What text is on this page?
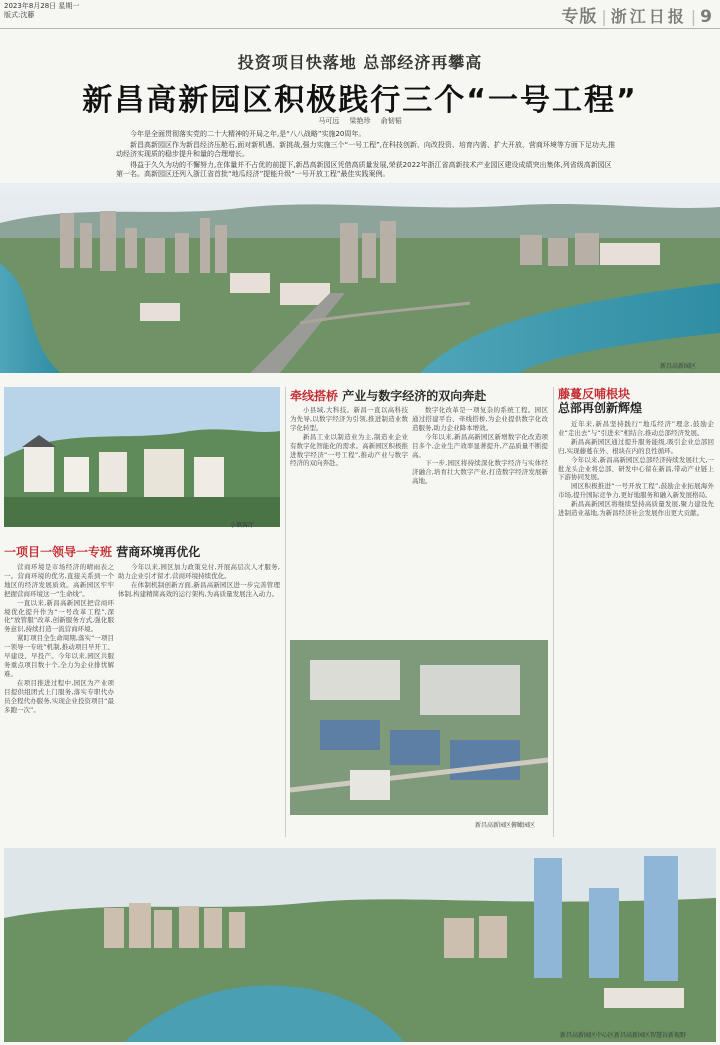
2023年8月28日 星期一
版式:沈藤	专版 | 浙江日报 | 9
投资项目快落地 总部经济再攀高
新昌高新园区积极践行三个“一号工程”
马可远 梁艳珍 俞韧韬

今年是全面贯彻落实党的二十大精神的开局之年,是“八八战略”实施20周年。

新昌高新园区作为新昌经济压舱石,面对新机遇、新挑战,强力实施三个“一号工程”,在科技创新、向改投资、培育内需、扩大开放、营商环境等方面下足功夫,推动经济实现质的稳步提升和量的合理增长。

得益于久久为功的不懈努力,在体量并不占优的前提下,新昌高新园区凭借高质量发展,荣获2022年浙江省高新技术产业园区建设成绩突出集体,列省级高新园区第一名。高新园区还列入浙江省首批“地瓜经济”提能升级“一号开放工程”最佳实践案例。

新昌高新园区
小镇客厅
一项目一领导一专班 营商环境再优化

营商环境是市场经济的晴雨表之一。营商环境的优劣,直接关系到一个地区的经济发展质效。高新园区牢牢把握营商环境这一“生命线”。

一直以来,新昌高新园区把营商环境优化提升作为“一号改革工程”,深化“放管服”改革,创新服务方式,强化服务意识,持续打造一流营商环境。

紧盯项目全生命周期,落实“一项目一领导一专班”机制,推动项目早开工、早建设、早投产。今年以来,园区共服务重点项目数十个,全力为企业排忧解难。

在项目推进过程中,园区为产业项目提供组团式上门服务,落实专职代办员全程代办服务,实现企业投资项目“最多跑一次”。

今年以来,园区加力政策兑付,开展高层次人才服务,助力企业引才留才,营商环境持续优化。

在体制机制创新方面,新昌高新园区进一步完善管理体制,构建精简高效的运行架构,为高质量发展注入动力。

牵线搭桥 产业与数字经济的双向奔赴

小县域,大科技。新昌一直以高科技为先导,以数字经济为引领,推进制造业数字化转型。

新昌工业以制造业为主,制造业企业有数字化智能化的需求。高新园区积极推进数字经济“一号工程”,推动产业与数字经济的双向奔赴。

数字化改革是一项复杂的系统工程。园区通过搭建平台、牵线搭桥,为企业提供数字化改造服务,助力企业降本增效。

今年以来,新昌高新园区新增数字化改造项目多个,企业生产效率显著提升,产品质量不断提高。

下一步,园区将持续深化数字经济与实体经济融合,培育壮大数字产业,打造数字经济发展新高地。

新昌高新园区俯瞰园区
藤蔓反哺根块
总部再创新辉煌

近年来,新昌坚持践行“地瓜经济”理念,鼓励企业“走出去”与“引进来”相结合,推动总部经济发展。

新昌高新园区通过提升服务能级,吸引企业总部回归,实现藤蔓在外、根块在内的良性循环。

今年以来,新昌高新园区总部经济持续发展壮大,一批龙头企业将总部、研发中心留在新昌,带动产业链上下游协同发展。

园区积极推进“一号开放工程”,鼓励企业拓展海外市场,提升国际竞争力,更好地服务和融入新发展格局。

新昌高新园区将继续坚持高质量发展,聚力建设先进制造业基地,为新昌经济社会发展作出更大贡献。

新昌高新园区中心区新昌高新园区智慧谷新视野
